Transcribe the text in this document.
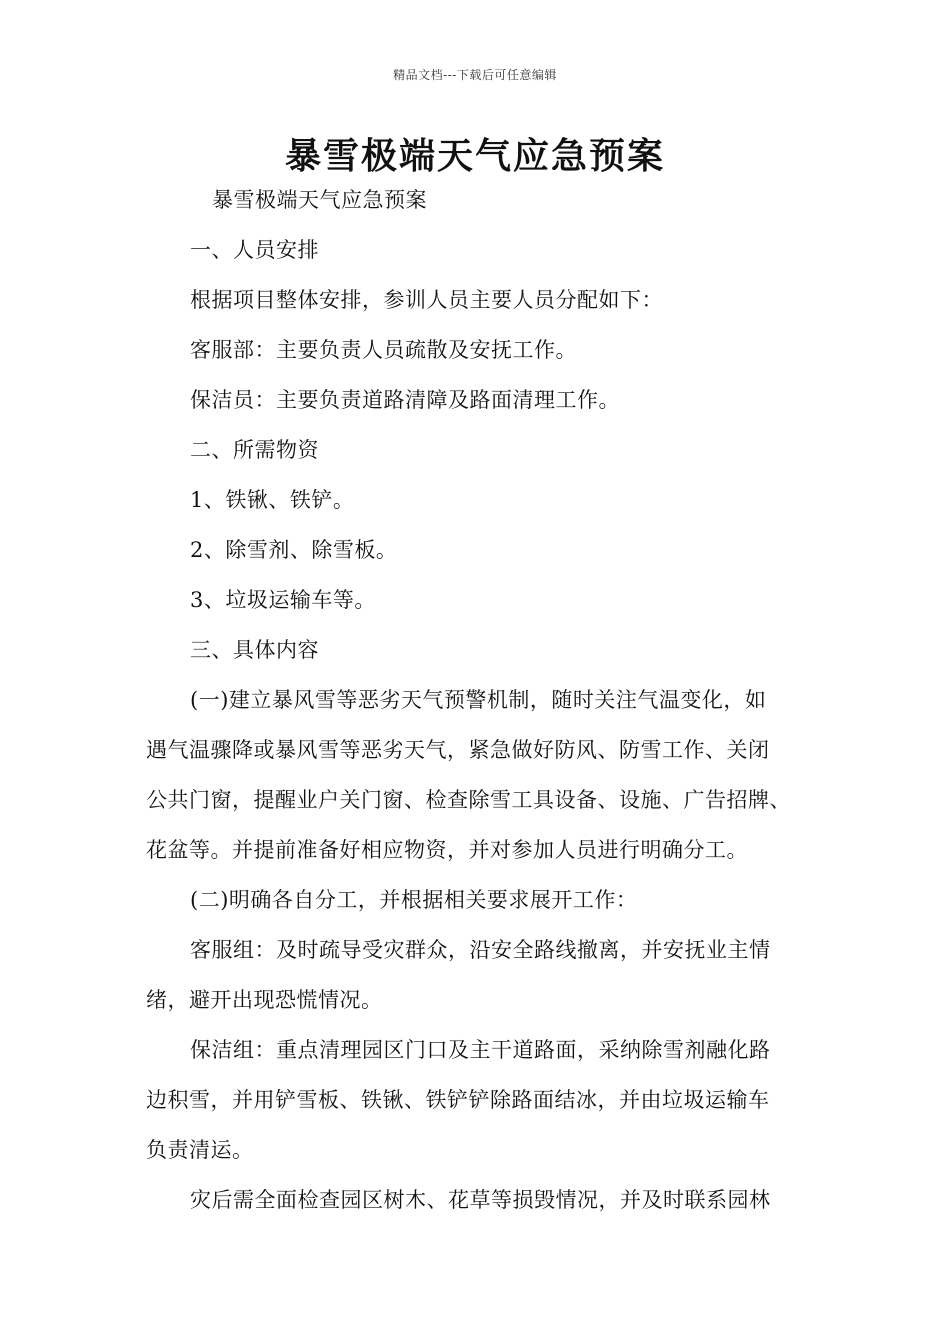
精品文档---下载后可任意编辑
暴雪极端天气应急预案
暴雪极端天气应急预案
一、人员安排
根据项目整体安排，参训人员主要人员分配如下：
客服部：主要负责人员疏散及安抚工作。
保洁员：主要负责道路清障及路面清理工作。
二、所需物资
1、铁锹、铁铲。
2、除雪剂、除雪板。
3、垃圾运输车等。
三、具体内容
(一)建立暴风雪等恶劣天气预警机制，随时关注气温变化，如
遇气温骤降或暴风雪等恶劣天气，紧急做好防风、防雪工作、关闭
公共门窗，提醒业户关门窗、检查除雪工具设备、设施、广告招牌、
花盆等。并提前准备好相应物资，并对参加人员进行明确分工。
(二)明确各自分工，并根据相关要求展开工作：
客服组：及时疏导受灾群众，沿安全路线撤离，并安抚业主情
绪，避开出现恐慌情况。
保洁组：重点清理园区门口及主干道路面，采纳除雪剂融化路
边积雪，并用铲雪板、铁锹、铁铲铲除路面结冰，并由垃圾运输车
负责清运。
灾后需全面检查园区树木、花草等损毁情况，并及时联系园林
